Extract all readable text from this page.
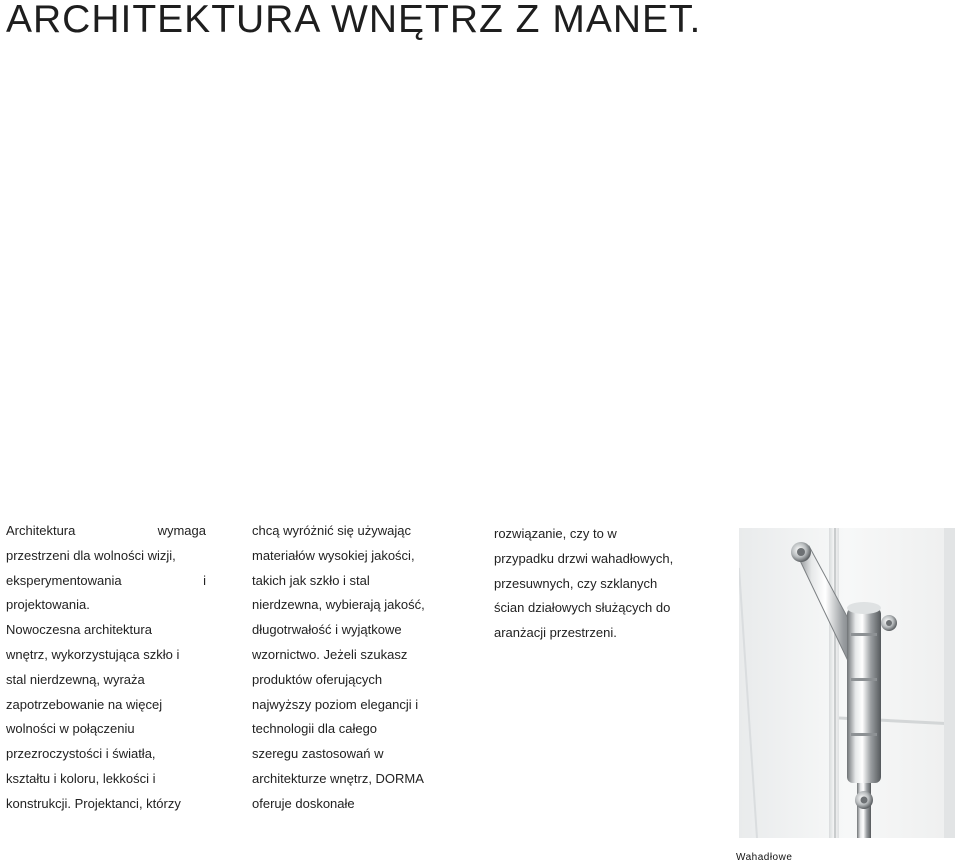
ARCHITEKTURA WNĘTRZ Z MANET.

Architektura	wymaga

przestrzeni dla wolności wizji,

eksperymentowania	i

projektowania.

Nowoczesna architektura

wnętrz, wykorzystująca szkło i

stal nierdzewną, wyraża

zapotrzebowanie na więcej

wolności w połączeniu

przezroczystości i światła,

kształtu i koloru, lekkości i

konstrukcji. Projektanci, którzy

chcą wyróżnić się używając

materiałów wysokiej jakości,

takich jak szkło i stal

nierdzewna, wybierają jakość,

długotrwałość i wyjątkowe

wzornictwo. Jeżeli szukasz

produktów oferujących

najwyższy poziom elegancji i

technologii dla całego

szeregu zastosowań w

architekturze wnętrz, DORMA

oferuje doskonałe

rozwiązanie, czy to w

przypadku drzwi wahadłowych,

przesuwnych, czy szklanych

ścian działowych służących do

aranżacji przestrzeni.

Wahadłowe
